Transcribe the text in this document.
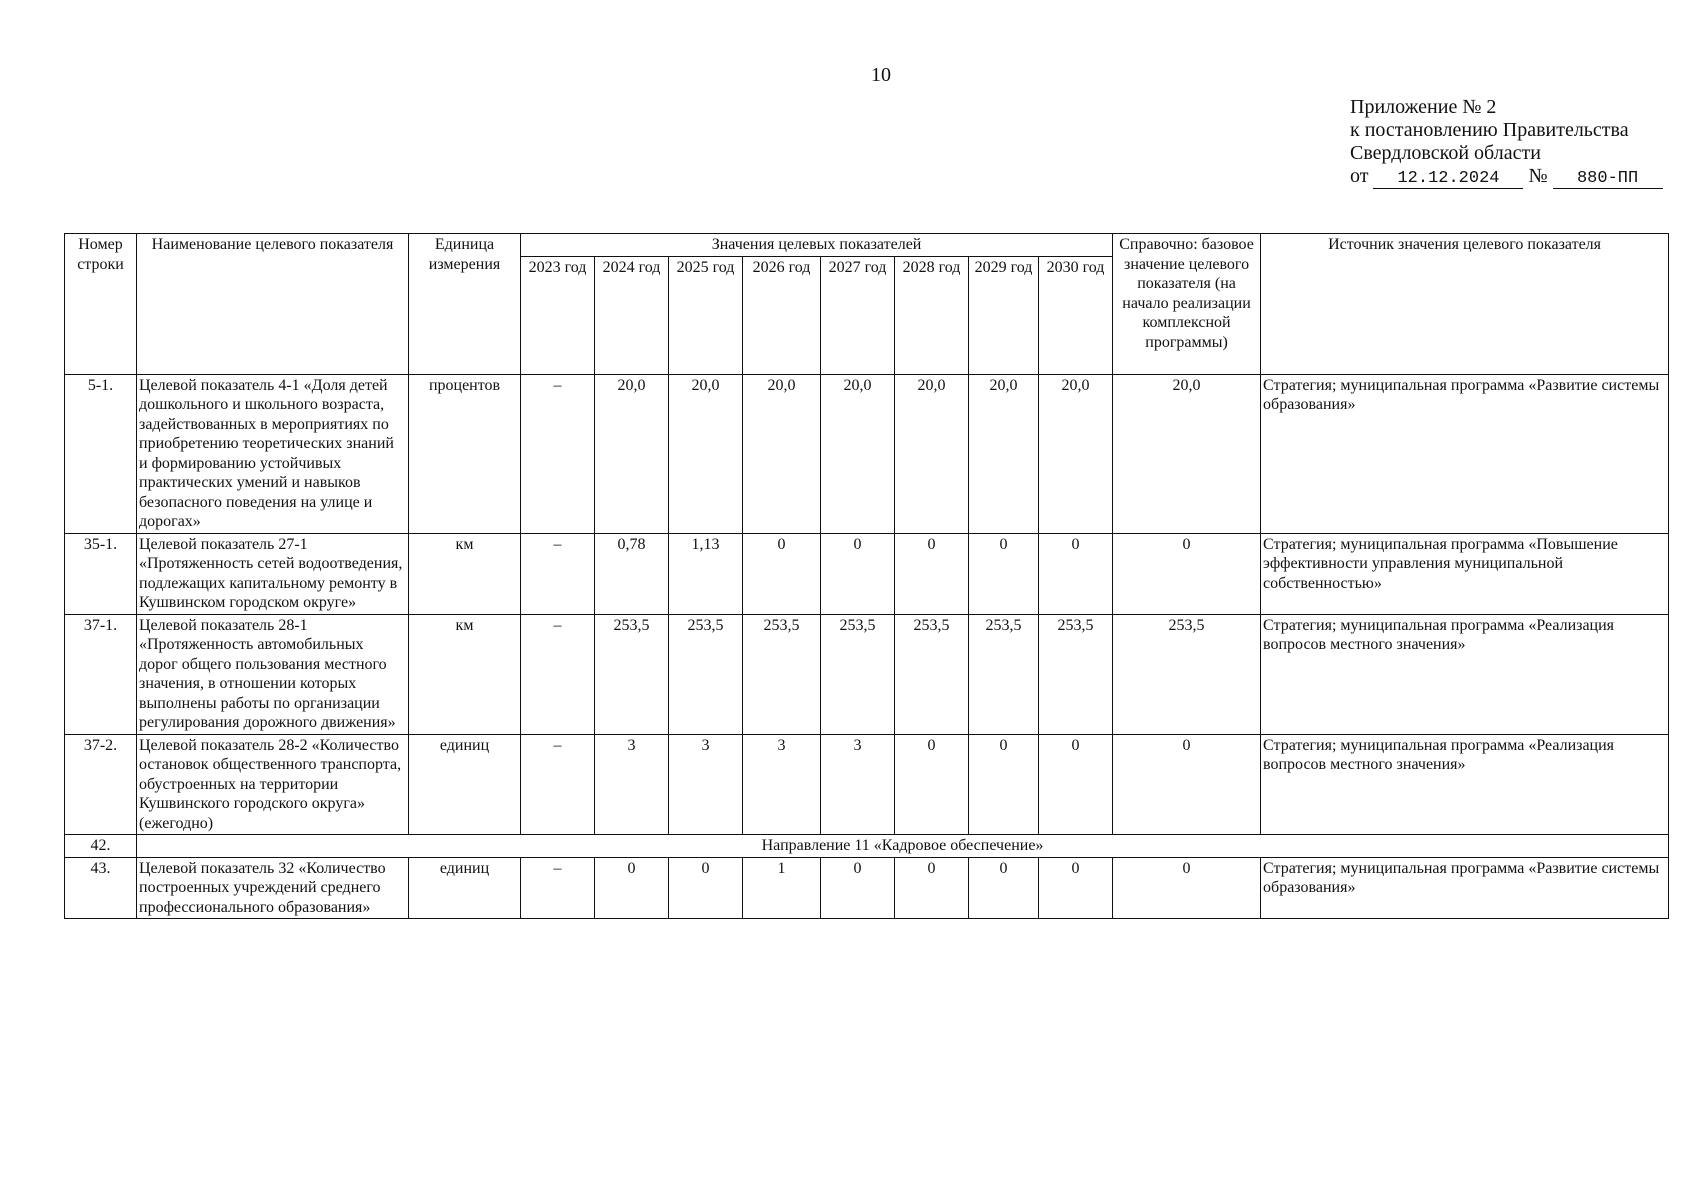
10
Приложение № 2
к постановлению Правительства
Свердловской области
от 12.12.2024 № 880-ПП
Номер строки	Наименование целевого показателя	Единица измерения	Значения целевых показателей								Справочно: базовое значение целевого показателя (на начало реализации комплексной программы)	Источник значения целевого показателя
			2023 год	2024 год	2025 год	2026 год	2027 год	2028 год	2029 год	2030 год		
5-1.	Целевой показатель 4-1 «Доля детей дошкольного и школьного возраста, задействованных в мероприятиях по приобретению теоретических знаний и формированию устойчивых практических умений и навыков безопасного поведения на улице и дорогах»	процентов	–	20,0	20,0	20,0	20,0	20,0	20,0	20,0	20,0	Стратегия; муниципальная программа «Развитие системы образования»
35-1.	Целевой показатель 27-1 «Протяженность сетей водоотведения, подлежащих капитальному ремонту в Кушвинском городском округе»	км	–	0,78	1,13	0	0	0	0	0	0	Стратегия; муниципальная программа «Повышение эффективности управления муниципальной собственностью»
37-1.	Целевой показатель 28-1 «Протяженность автомобильных дорог общего пользования местного значения, в отношении которых выполнены работы по организации регулирования дорожного движения»	км	–	253,5	253,5	253,5	253,5	253,5	253,5	253,5	253,5	Стратегия; муниципальная программа «Реализация вопросов местного значения»
37-2.	Целевой показатель 28-2 «Количество остановок общественного транспорта, обустроенных на территории Кушвинского городского округа» (ежегодно)	единиц	–	3	3	3	3	0	0	0	0	Стратегия; муниципальная программа «Реализация вопросов местного значения»
42.	Направление 11 «Кадровое обеспечение»											
43.	Целевой показатель 32 «Количество построенных учреждений среднего профессионального образования»	единиц	–	0	0	1	0	0	0	0	0	Стратегия; муниципальная программа «Развитие системы образования»
